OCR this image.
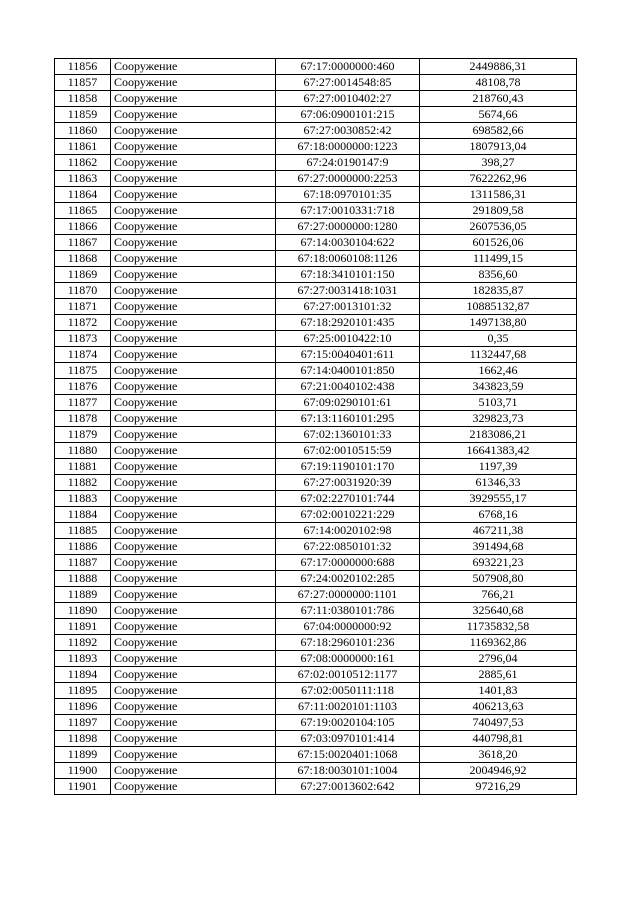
11856	Сооружение	67:17:0000000:460	2449886,31
11857	Сооружение	67:27:0014548:85	48108,78
11858	Сооружение	67:27:0010402:27	218760,43
11859	Сооружение	67:06:0900101:215	5674,66
11860	Сооружение	67:27:0030852:42	698582,66
11861	Сооружение	67:18:0000000:1223	1807913,04
11862	Сооружение	67:24:0190147:9	398,27
11863	Сооружение	67:27:0000000:2253	7622262,96
11864	Сооружение	67:18:0970101:35	1311586,31
11865	Сооружение	67:17:0010331:718	291809,58
11866	Сооружение	67:27:0000000:1280	2607536,05
11867	Сооружение	67:14:0030104:622	601526,06
11868	Сооружение	67:18:0060108:1126	111499,15
11869	Сооружение	67:18:3410101:150	8356,60
11870	Сооружение	67:27:0031418:1031	182835,87
11871	Сооружение	67:27:0013101:32	10885132,87
11872	Сооружение	67:18:2920101:435	1497138,80
11873	Сооружение	67:25:0010422:10	0,35
11874	Сооружение	67:15:0040401:611	1132447,68
11875	Сооружение	67:14:0400101:850	1662,46
11876	Сооружение	67:21:0040102:438	343823,59
11877	Сооружение	67:09:0290101:61	5103,71
11878	Сооружение	67:13:1160101:295	329823,73
11879	Сооружение	67:02:1360101:33	2183086,21
11880	Сооружение	67:02:0010515:59	16641383,42
11881	Сооружение	67:19:1190101:170	1197,39
11882	Сооружение	67:27:0031920:39	61346,33
11883	Сооружение	67:02:2270101:744	3929555,17
11884	Сооружение	67:02:0010221:229	6768,16
11885	Сооружение	67:14:0020102:98	467211,38
11886	Сооружение	67:22:0850101:32	391494,68
11887	Сооружение	67:17:0000000:688	693221,23
11888	Сооружение	67:24:0020102:285	507908,80
11889	Сооружение	67:27:0000000:1101	766,21
11890	Сооружение	67:11:0380101:786	325640,68
11891	Сооружение	67:04:0000000:92	11735832,58
11892	Сооружение	67:18:2960101:236	1169362,86
11893	Сооружение	67:08:0000000:161	2796,04
11894	Сооружение	67:02:0010512:1177	2885,61
11895	Сооружение	67:02:0050111:118	1401,83
11896	Сооружение	67:11:0020101:1103	406213,63
11897	Сооружение	67:19:0020104:105	740497,53
11898	Сооружение	67:03:0970101:414	440798,81
11899	Сооружение	67:15:0020401:1068	3618,20
11900	Сооружение	67:18:0030101:1004	2004946,92
11901	Сооружение	67:27:0013602:642	97216,29
